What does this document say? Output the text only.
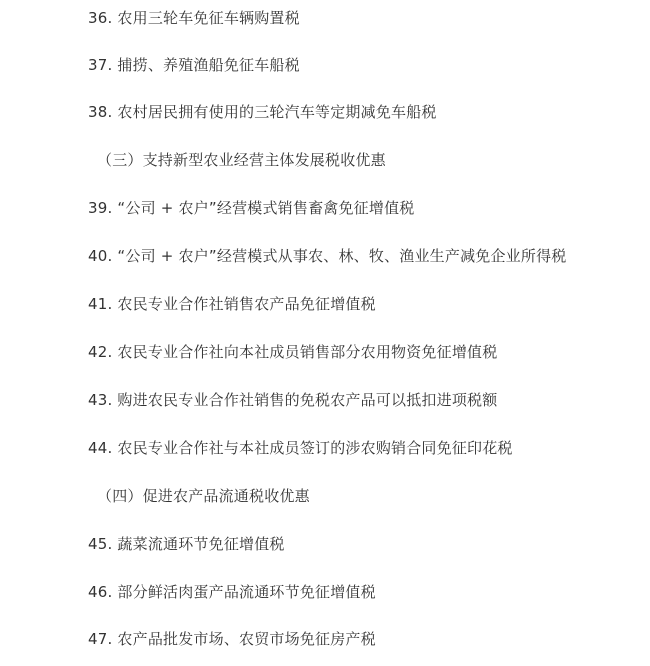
36. 农用三轮车免征车辆购置税
37. 捕捞、养殖渔船免征车船税
38. 农村居民拥有使用的三轮汽车等定期减免车船税
（三）支持新型农业经营主体发展税收优惠
39. “公司 + 农户”经营模式销售畜禽免征增值税
40. “公司 + 农户”经营模式从事农、林、牧、渔业生产减免企业所得税
41. 农民专业合作社销售农产品免征增值税
42. 农民专业合作社向本社成员销售部分农用物资免征增值税
43. 购进农民专业合作社销售的免税农产品可以抵扣进项税额
44. 农民专业合作社与本社成员签订的涉农购销合同免征印花税
（四）促进农产品流通税收优惠
45. 蔬菜流通环节免征增值税
46. 部分鲜活肉蛋产品流通环节免征增值税
47. 农产品批发市场、农贸市场免征房产税
